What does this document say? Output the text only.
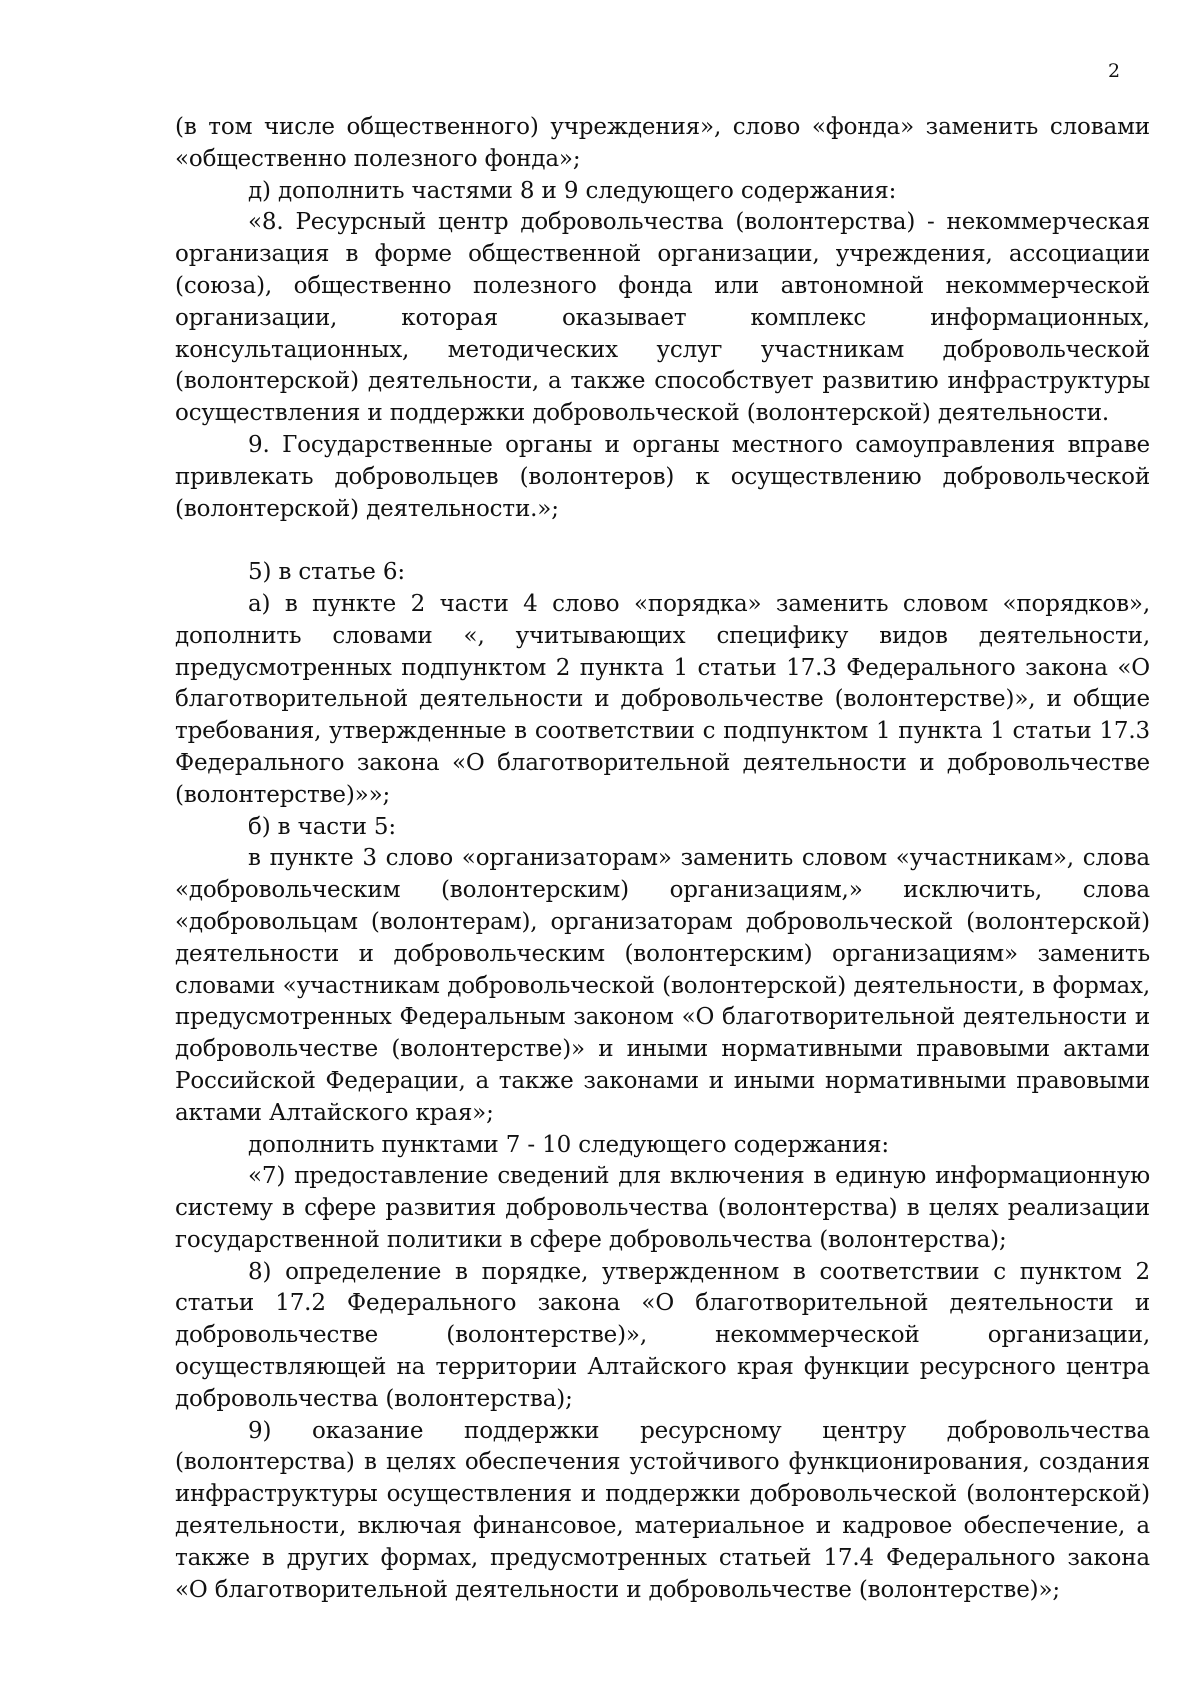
2

(в том числе общественного) учреждения», слово «фонда» заменить словами «общественно полезного фонда»;

д) дополнить частями 8 и 9 следующего содержания:

«8. Ресурсный центр добровольчества (волонтерства) - некоммерческая организация в форме общественной организации, учреждения, ассоциации (союза), общественно полезного фонда или автономной некоммерческой организации, которая оказывает комплекс информационных, консультационных, методических услуг участникам добровольческой (волонтерской) деятельности, а также способствует развитию инфраструктуры осуществления и поддержки добровольческой (волонтерской) деятельности.

9. Государственные органы и органы местного самоуправления вправе привлекать добровольцев (волонтеров) к осуществлению добровольческой (волонтерской) деятельности.»;

5) в статье 6:

а) в пункте 2 части 4 слово «порядка» заменить словом «порядков», дополнить словами «, учитывающих специфику видов деятельности, предусмотренных подпунктом 2 пункта 1 статьи 17.3 Федерального закона «О благотворительной деятельности и добровольчестве (волонтерстве)», и общие требования, утвержденные в соответствии с подпунктом 1 пункта 1 статьи 17.3 Федерального закона «О благотворительной деятельности и добровольчестве (волонтерстве)»»;

б) в части 5:

в пункте 3 слово «организаторам» заменить словом «участникам», слова «добровольческим (волонтерским) организациям,» исключить, слова «добровольцам (волонтерам), организаторам добровольческой (волонтерской) деятельности и добровольческим (волонтерским) организациям» заменить словами «участникам добровольческой (волонтерской) деятельности, в формах, предусмотренных Федеральным законом «О благотворительной деятельности и добровольчестве (волонтерстве)» и иными нормативными правовыми актами Российской Федерации, а также законами и иными нормативными правовыми актами Алтайского края»;

дополнить пунктами 7 - 10 следующего содержания:

«7) предоставление сведений для включения в единую информационную систему в сфере развития добровольчества (волонтерства) в целях реализации государственной политики в сфере добровольчества (волонтерства);

8) определение в порядке, утвержденном в соответствии с пунктом 2 статьи 17.2 Федерального закона «О благотворительной деятельности и добровольчестве (волонтерстве)», некоммерческой организации, осуществляющей на территории Алтайского края функции ресурсного центра добровольчества (волонтерства);

9) оказание поддержки ресурсному центру добровольчества (волонтерства) в целях обеспечения устойчивого функционирования, создания инфраструктуры осуществления и поддержки добровольческой (волонтерской) деятельности, включая финансовое, материальное и кадровое обеспечение, а также в других формах, предусмотренных статьей 17.4 Федерального закона «О благотворительной деятельности и добровольчестве (волонтерстве)»;
